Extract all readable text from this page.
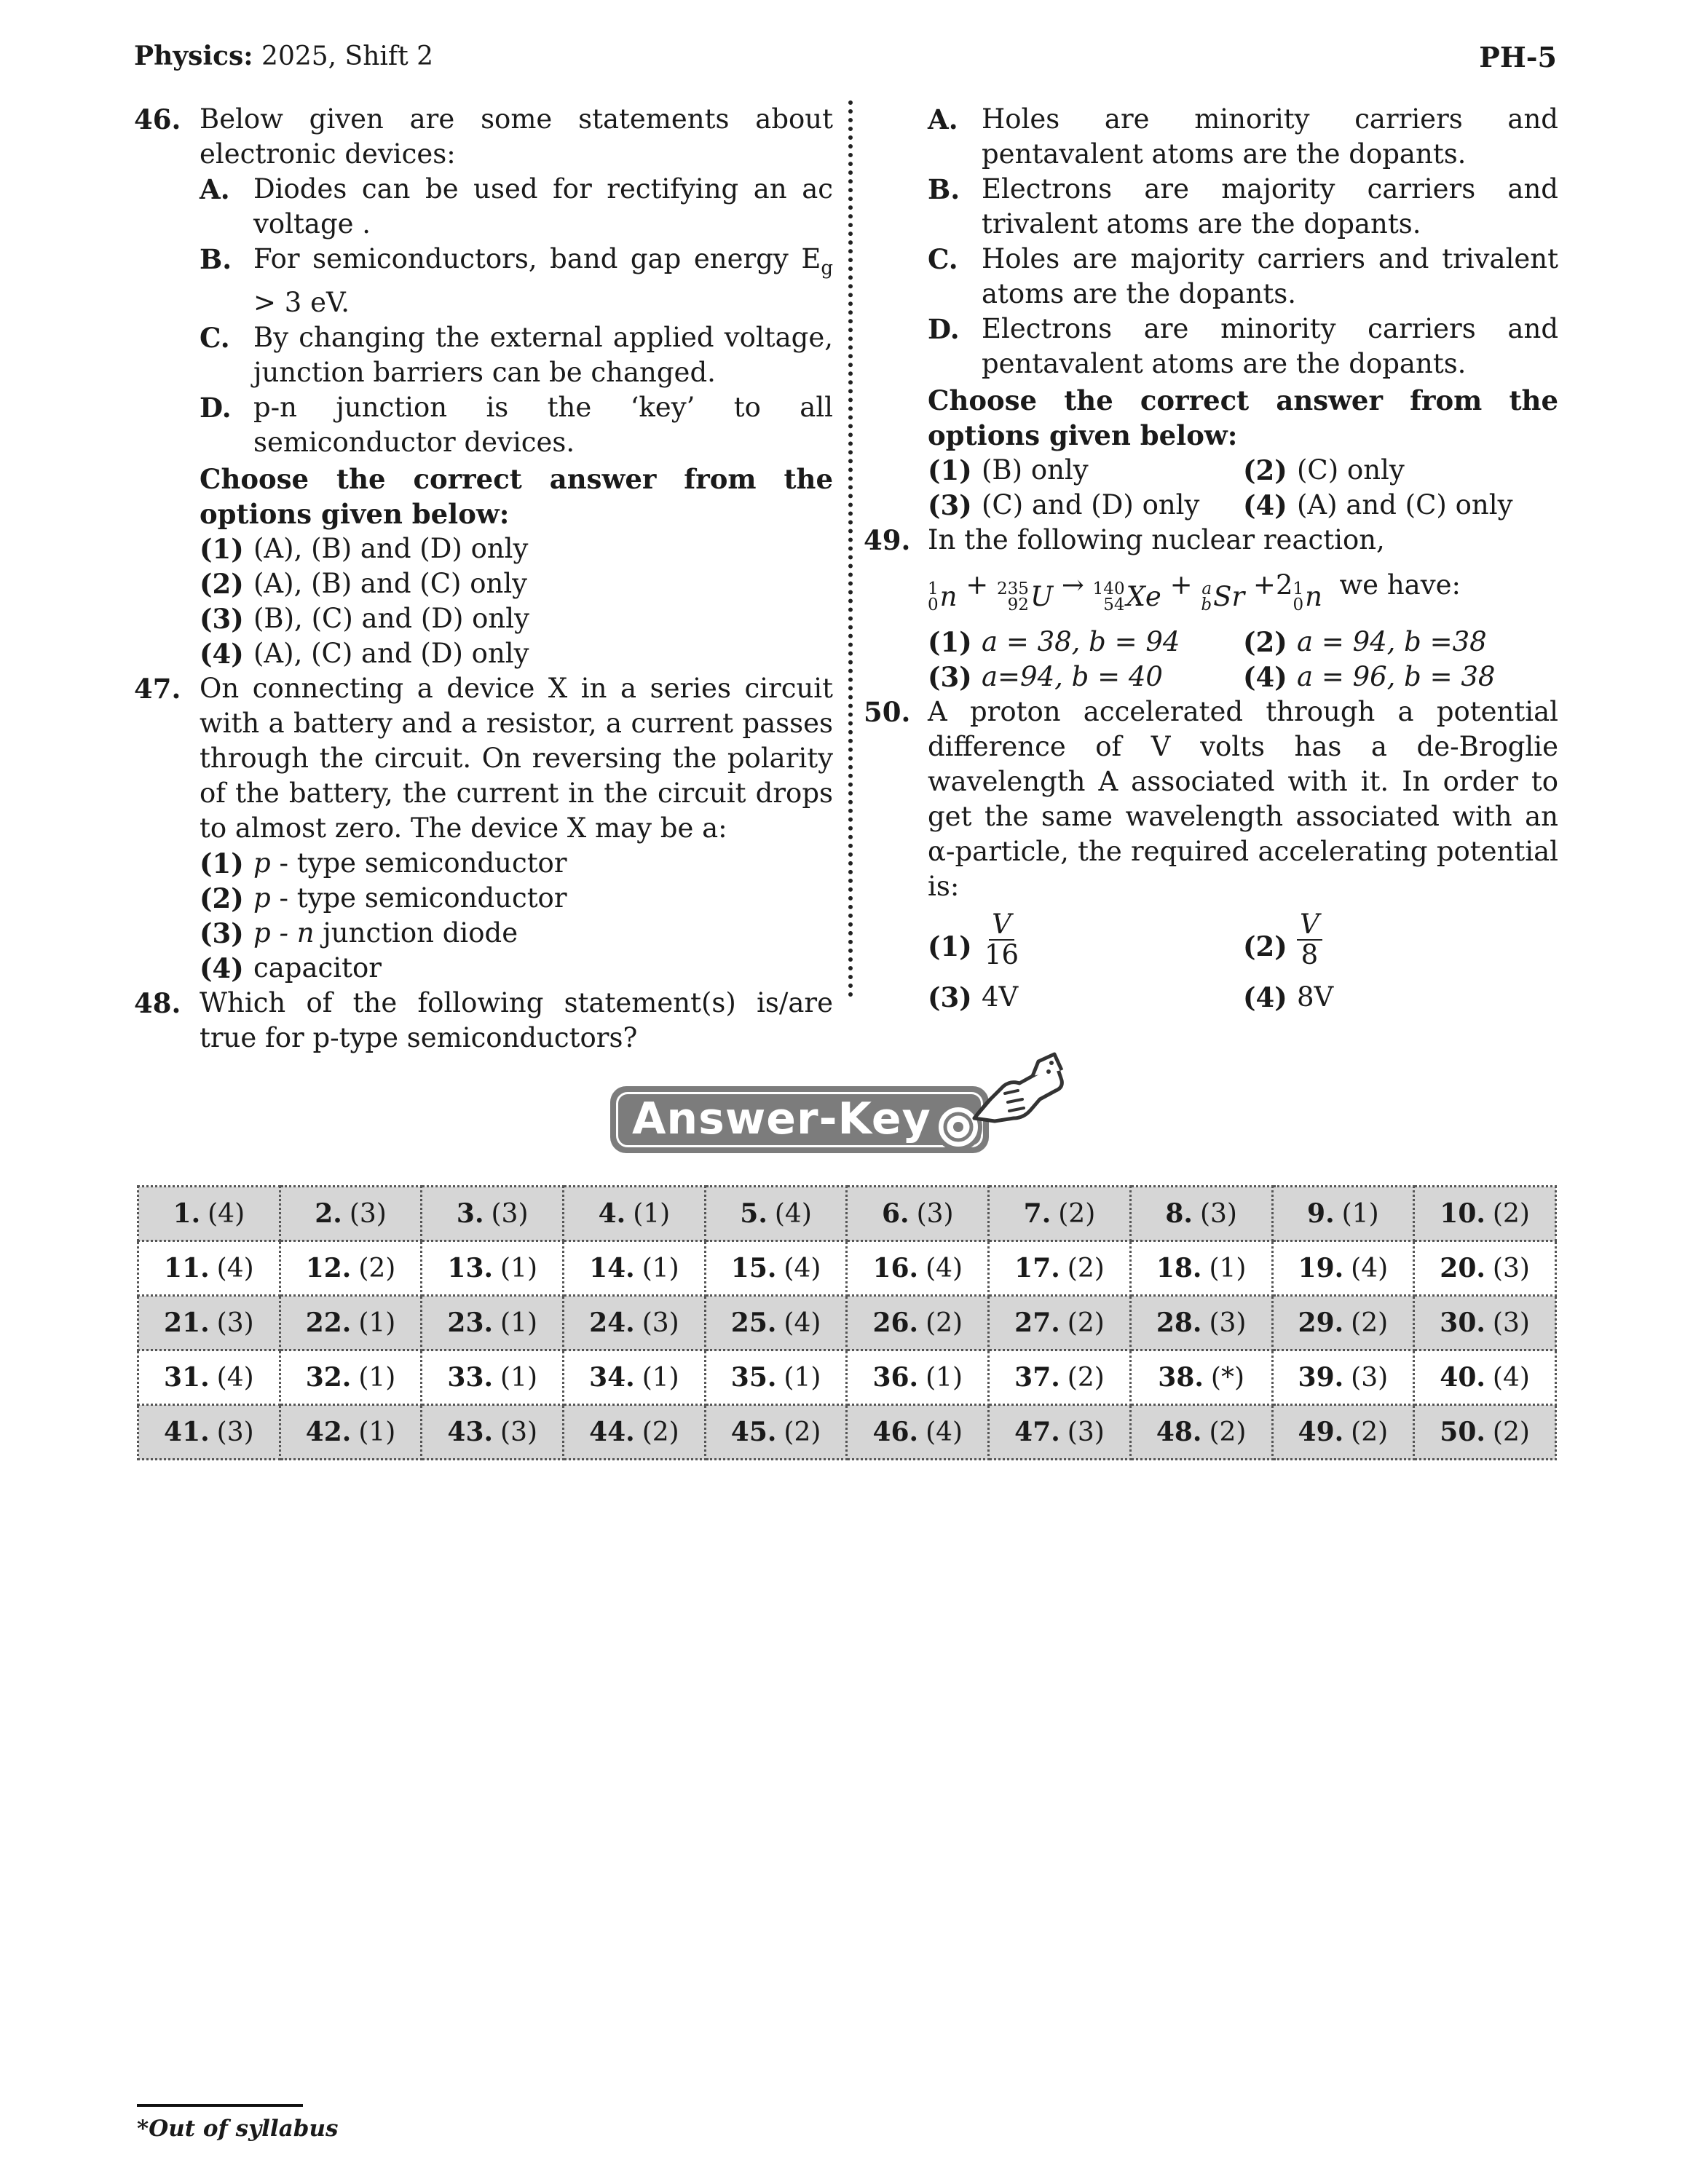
Physics: 2025, Shift 2	PH-5
46. Below given are some statements about electronic devices:
A. Diodes can be used for rectifying an ac voltage .
B. For semiconductors, band gap energy $E_g > 3$ eV.
C. By changing the external applied voltage, junction barriers can be changed.
D. p-n junction is the ‘key’ to all semiconductor devices.
Choose the correct answer from the options given below:
(1) (A), (B) and (D) only
(2) (A), (B) and (C) only
(3) (B), (C) and (D) only
(4) (A), (C) and (D) only
47. On connecting a device X in a series circuit with a battery and a resistor, a current passes through the circuit. On reversing the polarity of the battery, the current in the circuit drops to almost zero. The device X may be a:
(1) p - type semiconductor
(2) p - type semiconductor
(3) p - n junction diode
(4) capacitor
48. Which of the following statement(s) is/are true for p-type semiconductors?
A. Holes are minority carriers and pentavalent atoms are the dopants.
B. Electrons are majority carriers and trivalent atoms are the dopants.
C. Holes are majority carriers and trivalent atoms are the dopants.
D. Electrons are minority carriers and pentavalent atoms are the dopants.
Choose the correct answer from the options given below:
(1) (B) only	(2) (C) only
(3) (C) and (D) only	(4) (A) and (C) only
49. In the following nuclear reaction,
1
0 n + 235
92 U → 140
54 Xe + a
b Sr +2 1
0 n we have:
(1) a = 38, b = 94	(2) a = 94, b =38
(3) a=94, b = 40	(4) a = 96, b = 38
50. A proton accelerated through a potential difference of V volts has a de-Broglie wavelength A associated with it. In order to get the same wavelength associated with an α-particle, the required accelerating potential is:
$(1) \frac{V}{16}$	$(2) \frac{V}{8}$
(3) 4V	(4) 8V
Answer-Key
1. (4)	2. (3)	3. (3)	4. (1)	5. (4)	6. (3)	7. (2)	8. (3)	9. (1)	10. (2)
11. (4)	12. (2)	13. (1)	14. (1)	15. (4)	16. (4)	17. (2)	18. (1)	19. (4)	20. (3)
21. (3)	22. (1)	23. (1)	24. (3)	25. (4)	26. (2)	27. (2)	28. (3)	29. (2)	30. (3)
31. (4)	32. (1)	33. (1)	34. (1)	35. (1)	36. (1)	37. (2)	38. (*)	39. (3)	40. (4)
41. (3)	42. (1)	43. (3)	44. (2)	45. (2)	46. (4)	47. (3)	48. (2)	49. (2)	50. (2)
*Out of syllabus
